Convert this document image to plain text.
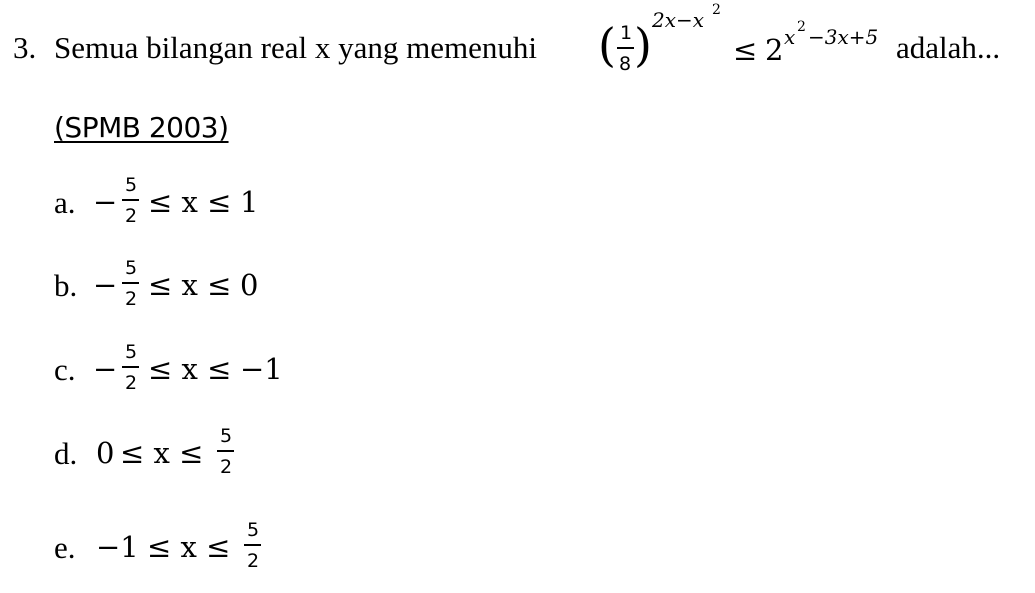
3. Semua bilangan real x yang memenuhi ( 1
8 ) 2x−x 2
≤ 2 x 2 −3x+5 adalah...
(SPMB 2003)
a. − 5
2 ≤ x ≤ 1
b. − 5
2 ≤ x ≤ 0
c. − 5
2 ≤ x ≤ −1
d. 0 ≤ x ≤ 5
2
e. −1 ≤ x ≤ 5
2
